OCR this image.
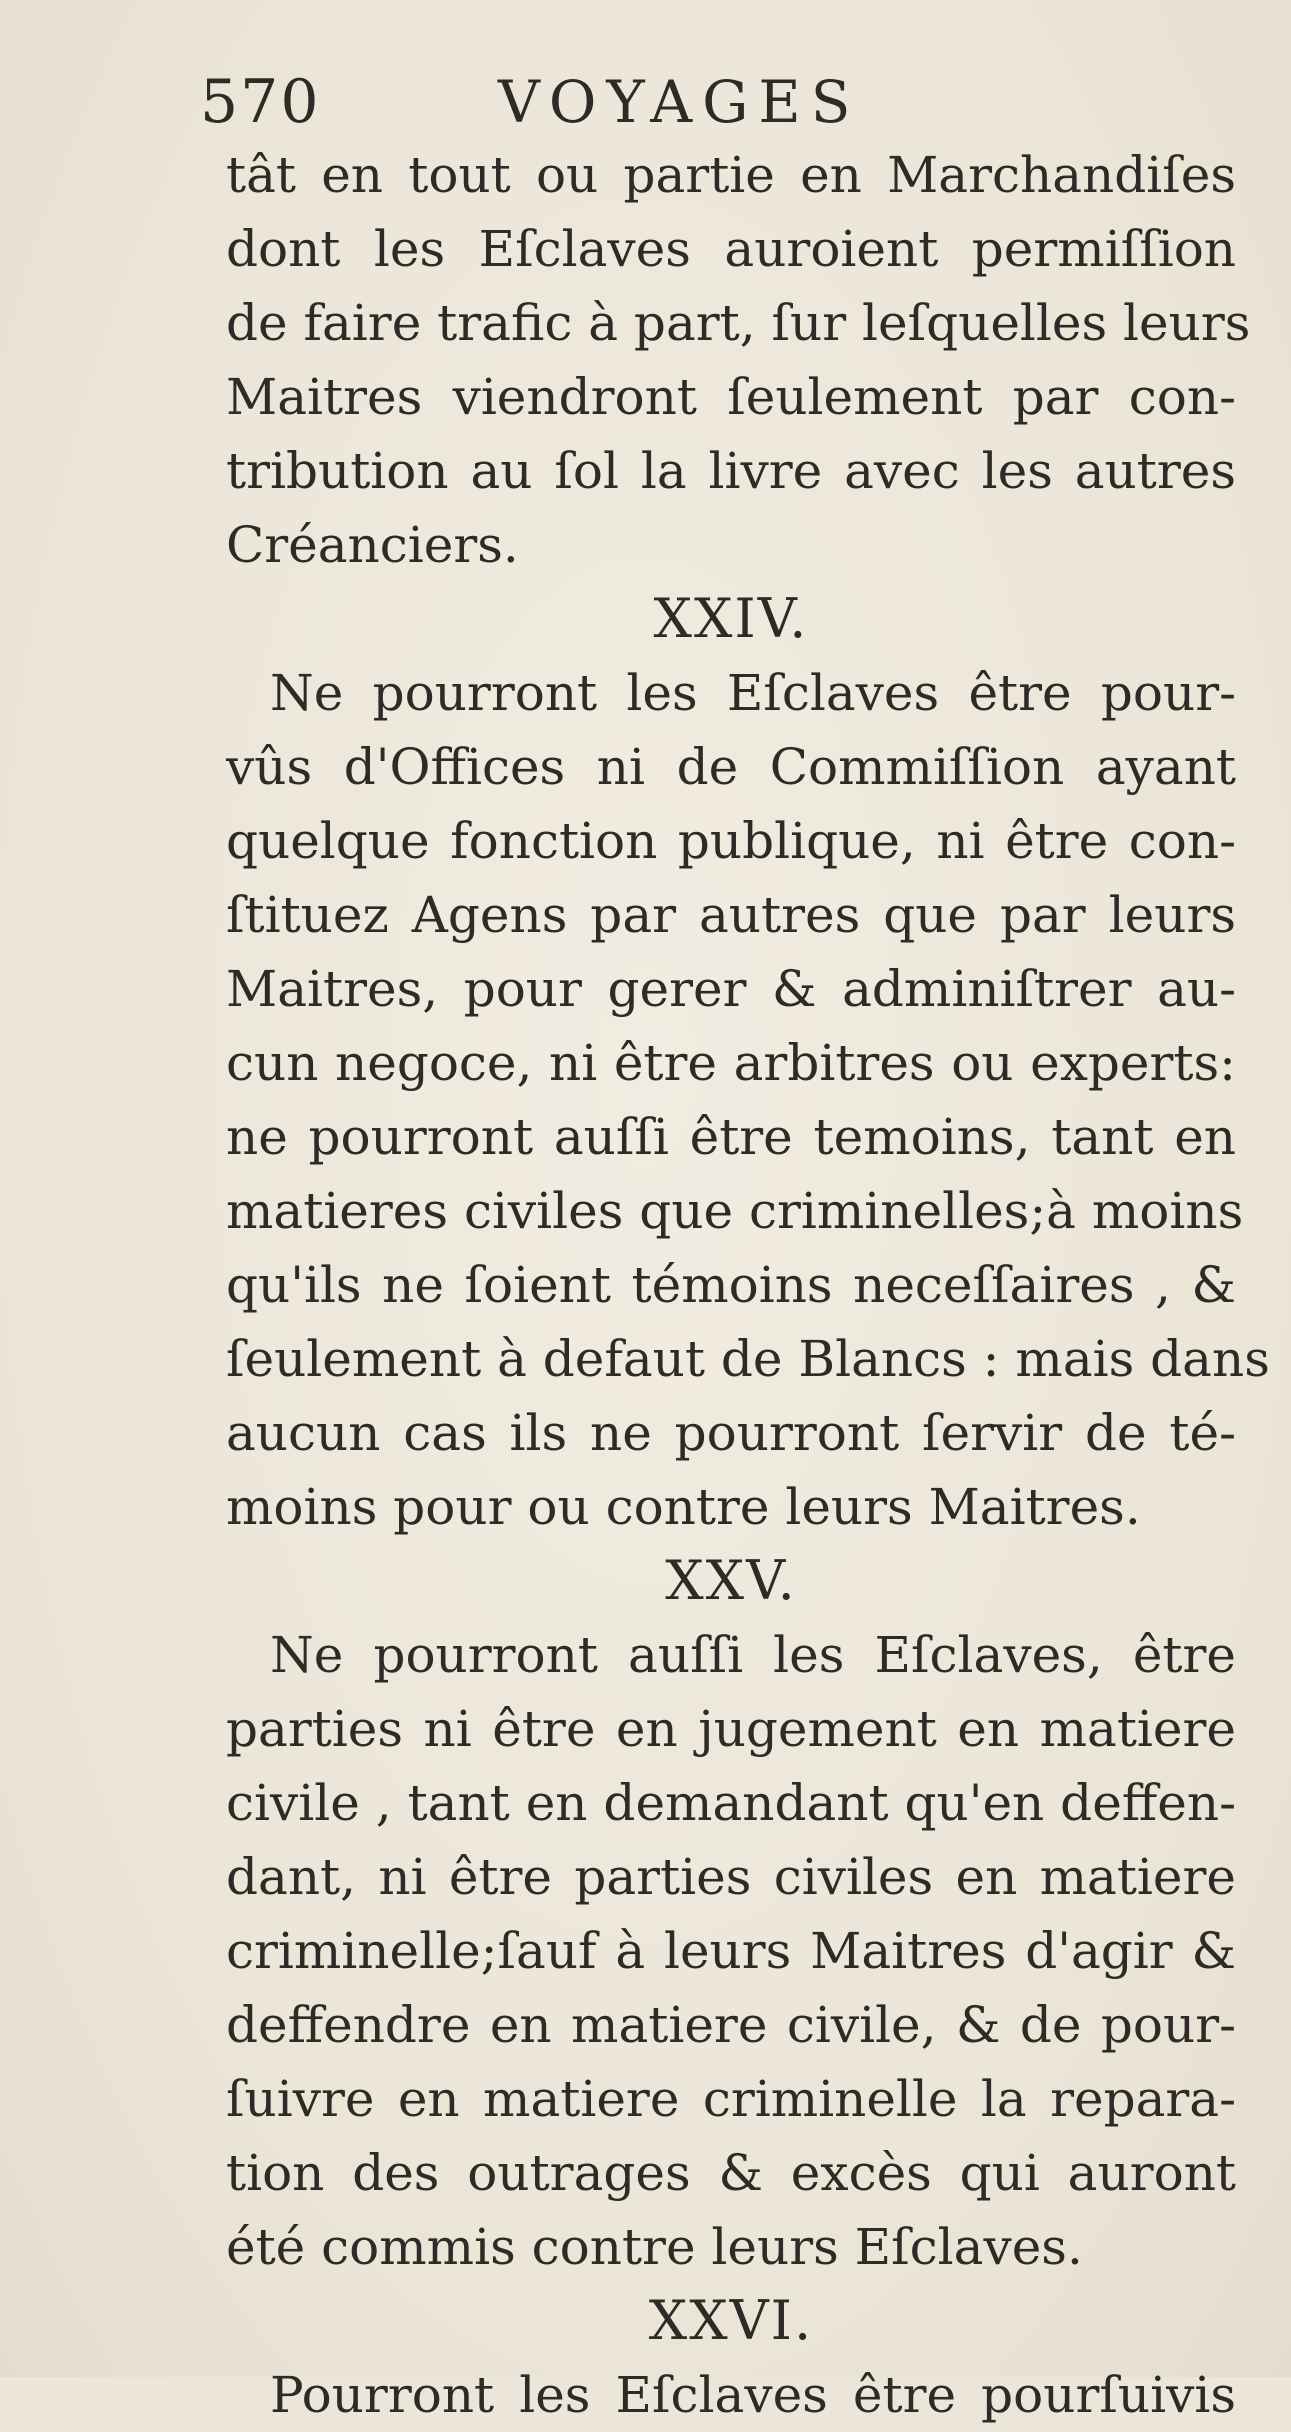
570	VOYAGES
tât en tout ou partie en Marchandiſes
dont les Eſclaves auroient permiſſion
de faire trafic à part, ſur leſquelles leurs
Maitres viendront ſeulement par con-
tribution au ſol la livre avec les autres
Créanciers.
XXIV.
Ne pourront les Eſclaves être pour-
vûs d'Offices ni de Commiſſion ayant
quelque fonction publique, ni être con-
ſtituez Agens par autres que par leurs
Maitres, pour gerer & adminiſtrer au-
cun negoce, ni être arbitres ou experts:
ne pourront auſſi être temoins, tant en
matieres civiles que criminelles;à moins
qu'ils ne ſoient témoins neceſſaires , &
ſeulement à defaut de Blancs : mais dans
aucun cas ils ne pourront ſervir de té-
moins pour ou contre leurs Maitres.
XXV.
Ne pourront auſſi les Eſclaves, être
parties ni être en jugement en matiere
civile , tant en demandant qu'en deffen-
dant, ni être parties civiles en matiere
criminelle;ſauf à leurs Maitres d'agir &
deffendre en matiere civile, & de pour-
ſuivre en matiere criminelle la repara-
tion des outrages & excès qui auront
été commis contre leurs Eſclaves.
XXVI.
Pourront les Eſclaves être pourſuivis
